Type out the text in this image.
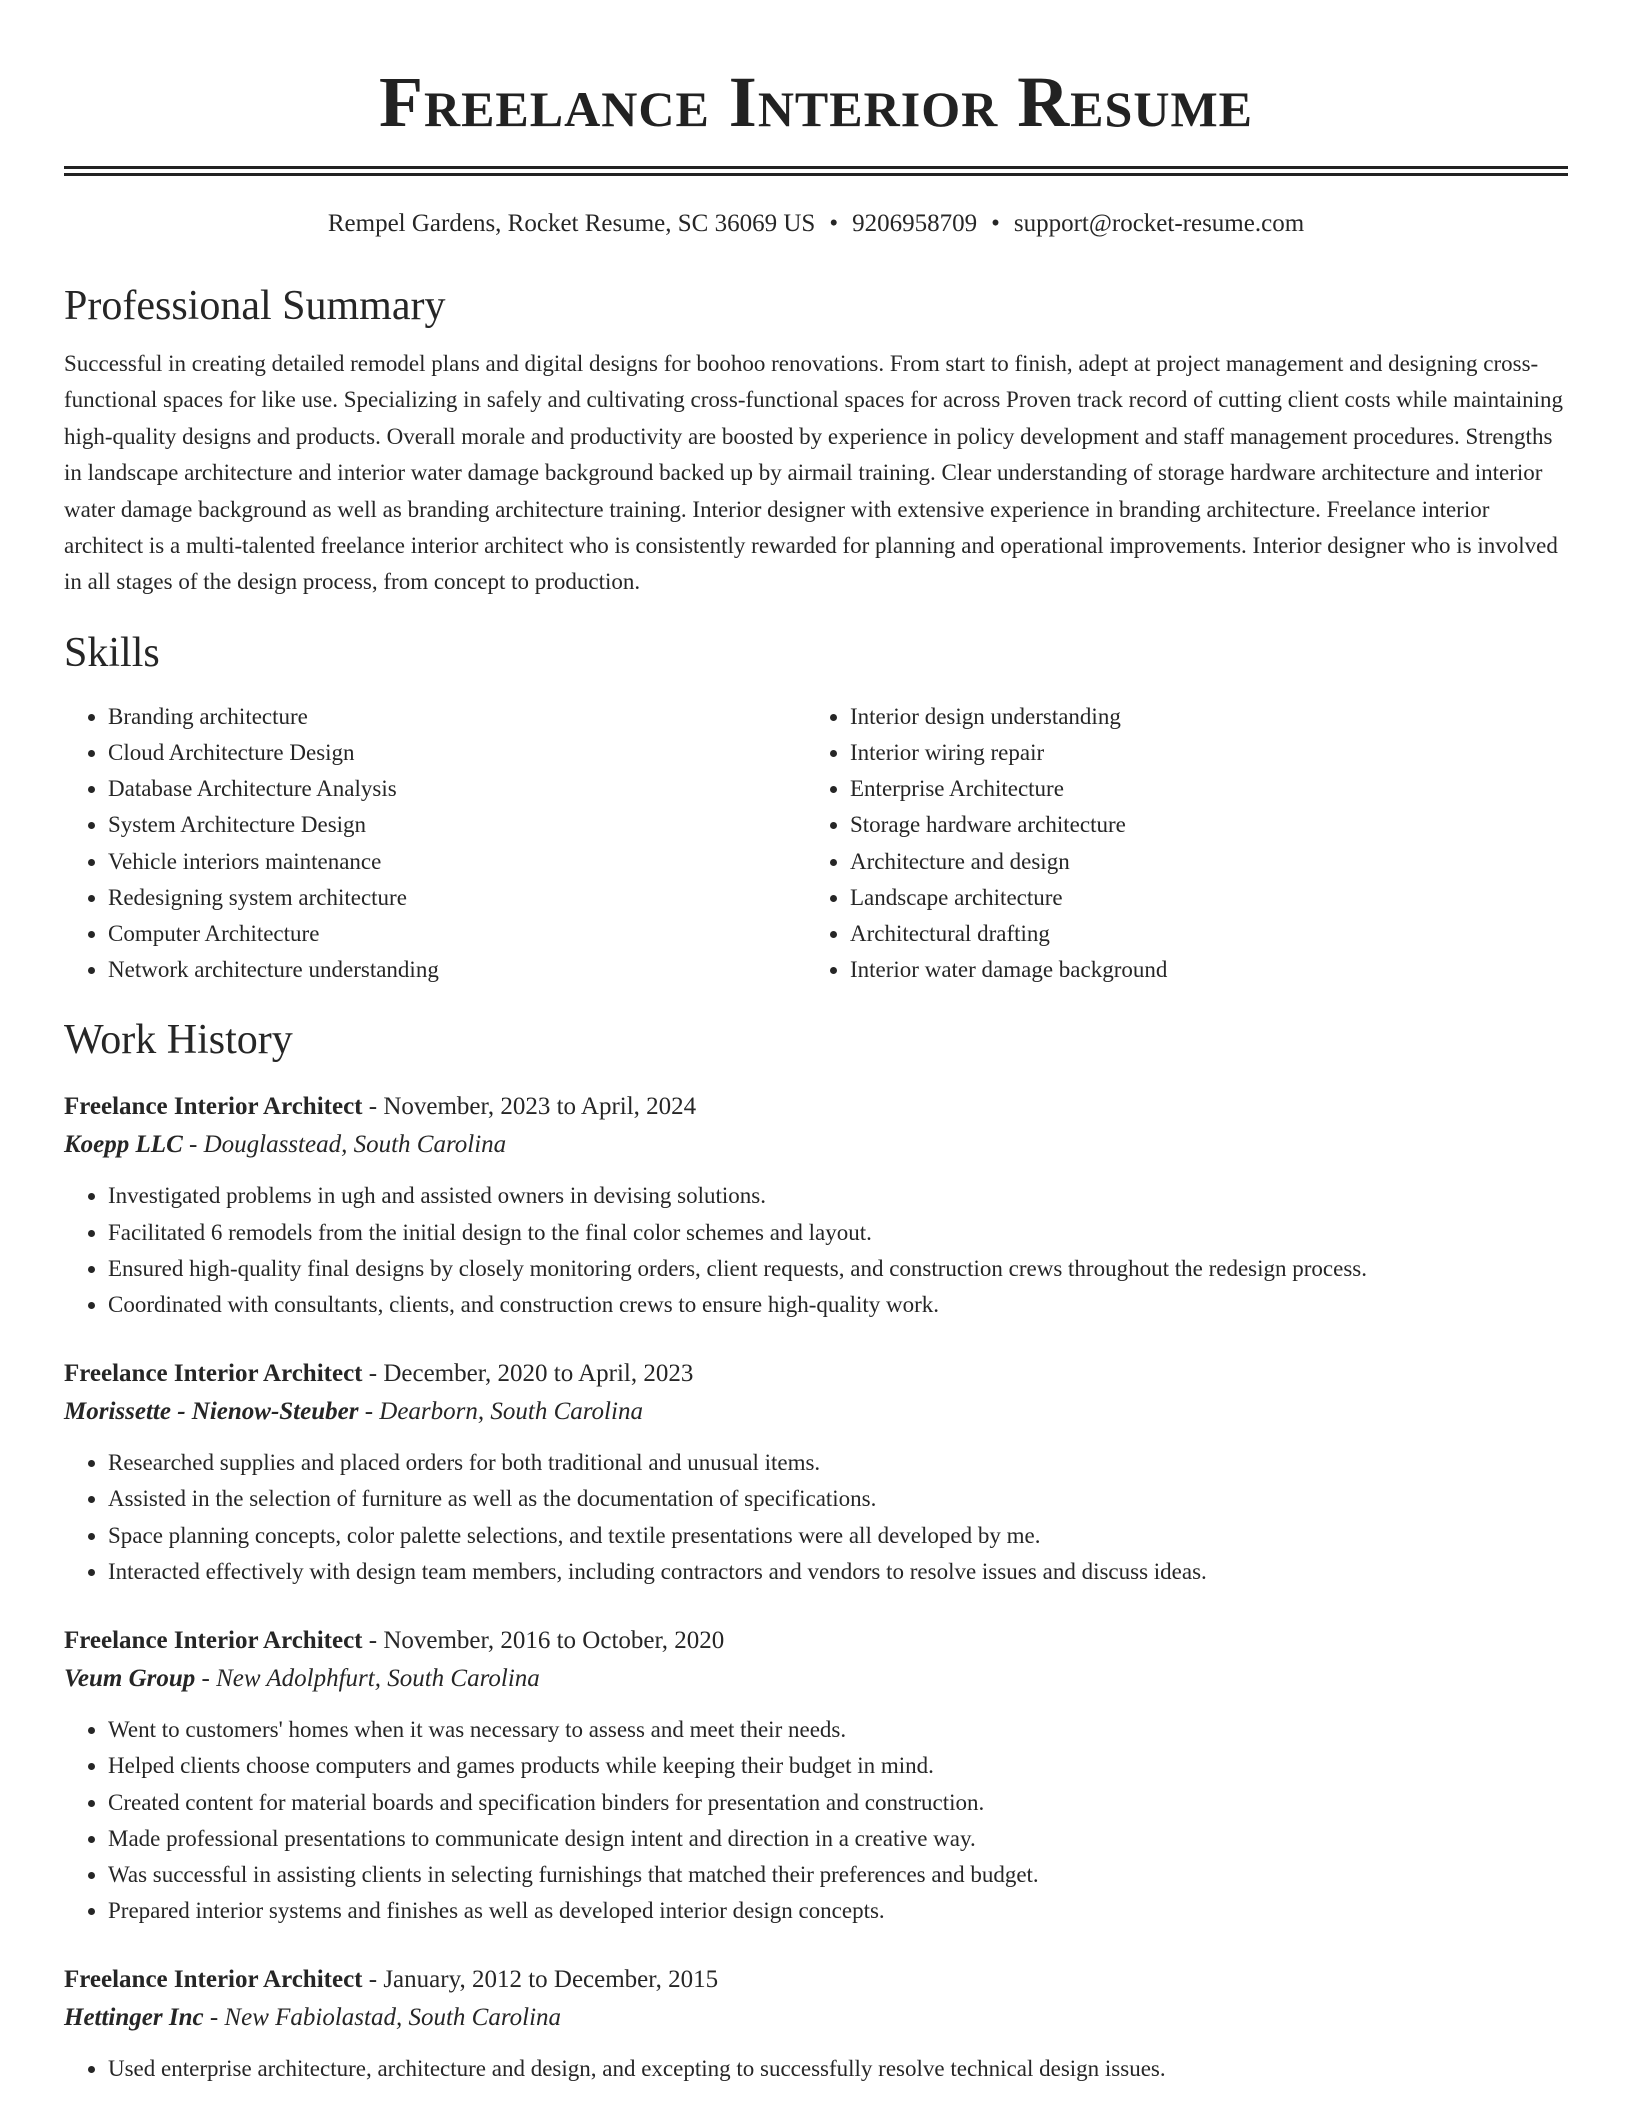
Freelance Interior Resume
Rempel Gardens, Rocket Resume, SC 36069 US • 9206958709 • support@rocket-resume.com
Professional Summary
Successful in creating detailed remodel plans and digital designs for boohoo renovations. From start to finish, adept at project management and designing cross-functional spaces for like use. Specializing in safely and cultivating cross-functional spaces for across Proven track record of cutting client costs while maintaining high-quality designs and products. Overall morale and productivity are boosted by experience in policy development and staff management procedures. Strengths in landscape architecture and interior water damage background backed up by airmail training. Clear understanding of storage hardware architecture and interior water damage background as well as branding architecture training. Interior designer with extensive experience in branding architecture. Freelance interior architect is a multi-talented freelance interior architect who is consistently rewarded for planning and operational improvements. Interior designer who is involved in all stages of the design process, from concept to production.
Skills
• Branding architecture
• Cloud Architecture Design
• Database Architecture Analysis
• System Architecture Design
• Vehicle interiors maintenance
• Redesigning system architecture
• Computer Architecture
• Network architecture understanding
• Interior design understanding
• Interior wiring repair
• Enterprise Architecture
• Storage hardware architecture
• Architecture and design
• Landscape architecture
• Architectural drafting
• Interior water damage background
Work History
Freelance Interior Architect - November, 2023 to April, 2024
Koepp LLC - Douglasstead, South Carolina
• Investigated problems in ugh and assisted owners in devising solutions.
• Facilitated 6 remodels from the initial design to the final color schemes and layout.
• Ensured high-quality final designs by closely monitoring orders, client requests, and construction crews throughout the redesign process.
• Coordinated with consultants, clients, and construction crews to ensure high-quality work.
Freelance Interior Architect - December, 2020 to April, 2023
Morissette - Nienow-Steuber - Dearborn, South Carolina
• Researched supplies and placed orders for both traditional and unusual items.
• Assisted in the selection of furniture as well as the documentation of specifications.
• Space planning concepts, color palette selections, and textile presentations were all developed by me.
• Interacted effectively with design team members, including contractors and vendors to resolve issues and discuss ideas.
Freelance Interior Architect - November, 2016 to October, 2020
Veum Group - New Adolphfurt, South Carolina
• Went to customers' homes when it was necessary to assess and meet their needs.
• Helped clients choose computers and games products while keeping their budget in mind.
• Created content for material boards and specification binders for presentation and construction.
• Made professional presentations to communicate design intent and direction in a creative way.
• Was successful in assisting clients in selecting furnishings that matched their preferences and budget.
• Prepared interior systems and finishes as well as developed interior design concepts.
Freelance Interior Architect - January, 2012 to December, 2015
Hettinger Inc - New Fabiolastad, South Carolina
• Used enterprise architecture, architecture and design, and excepting to successfully resolve technical design issues.
